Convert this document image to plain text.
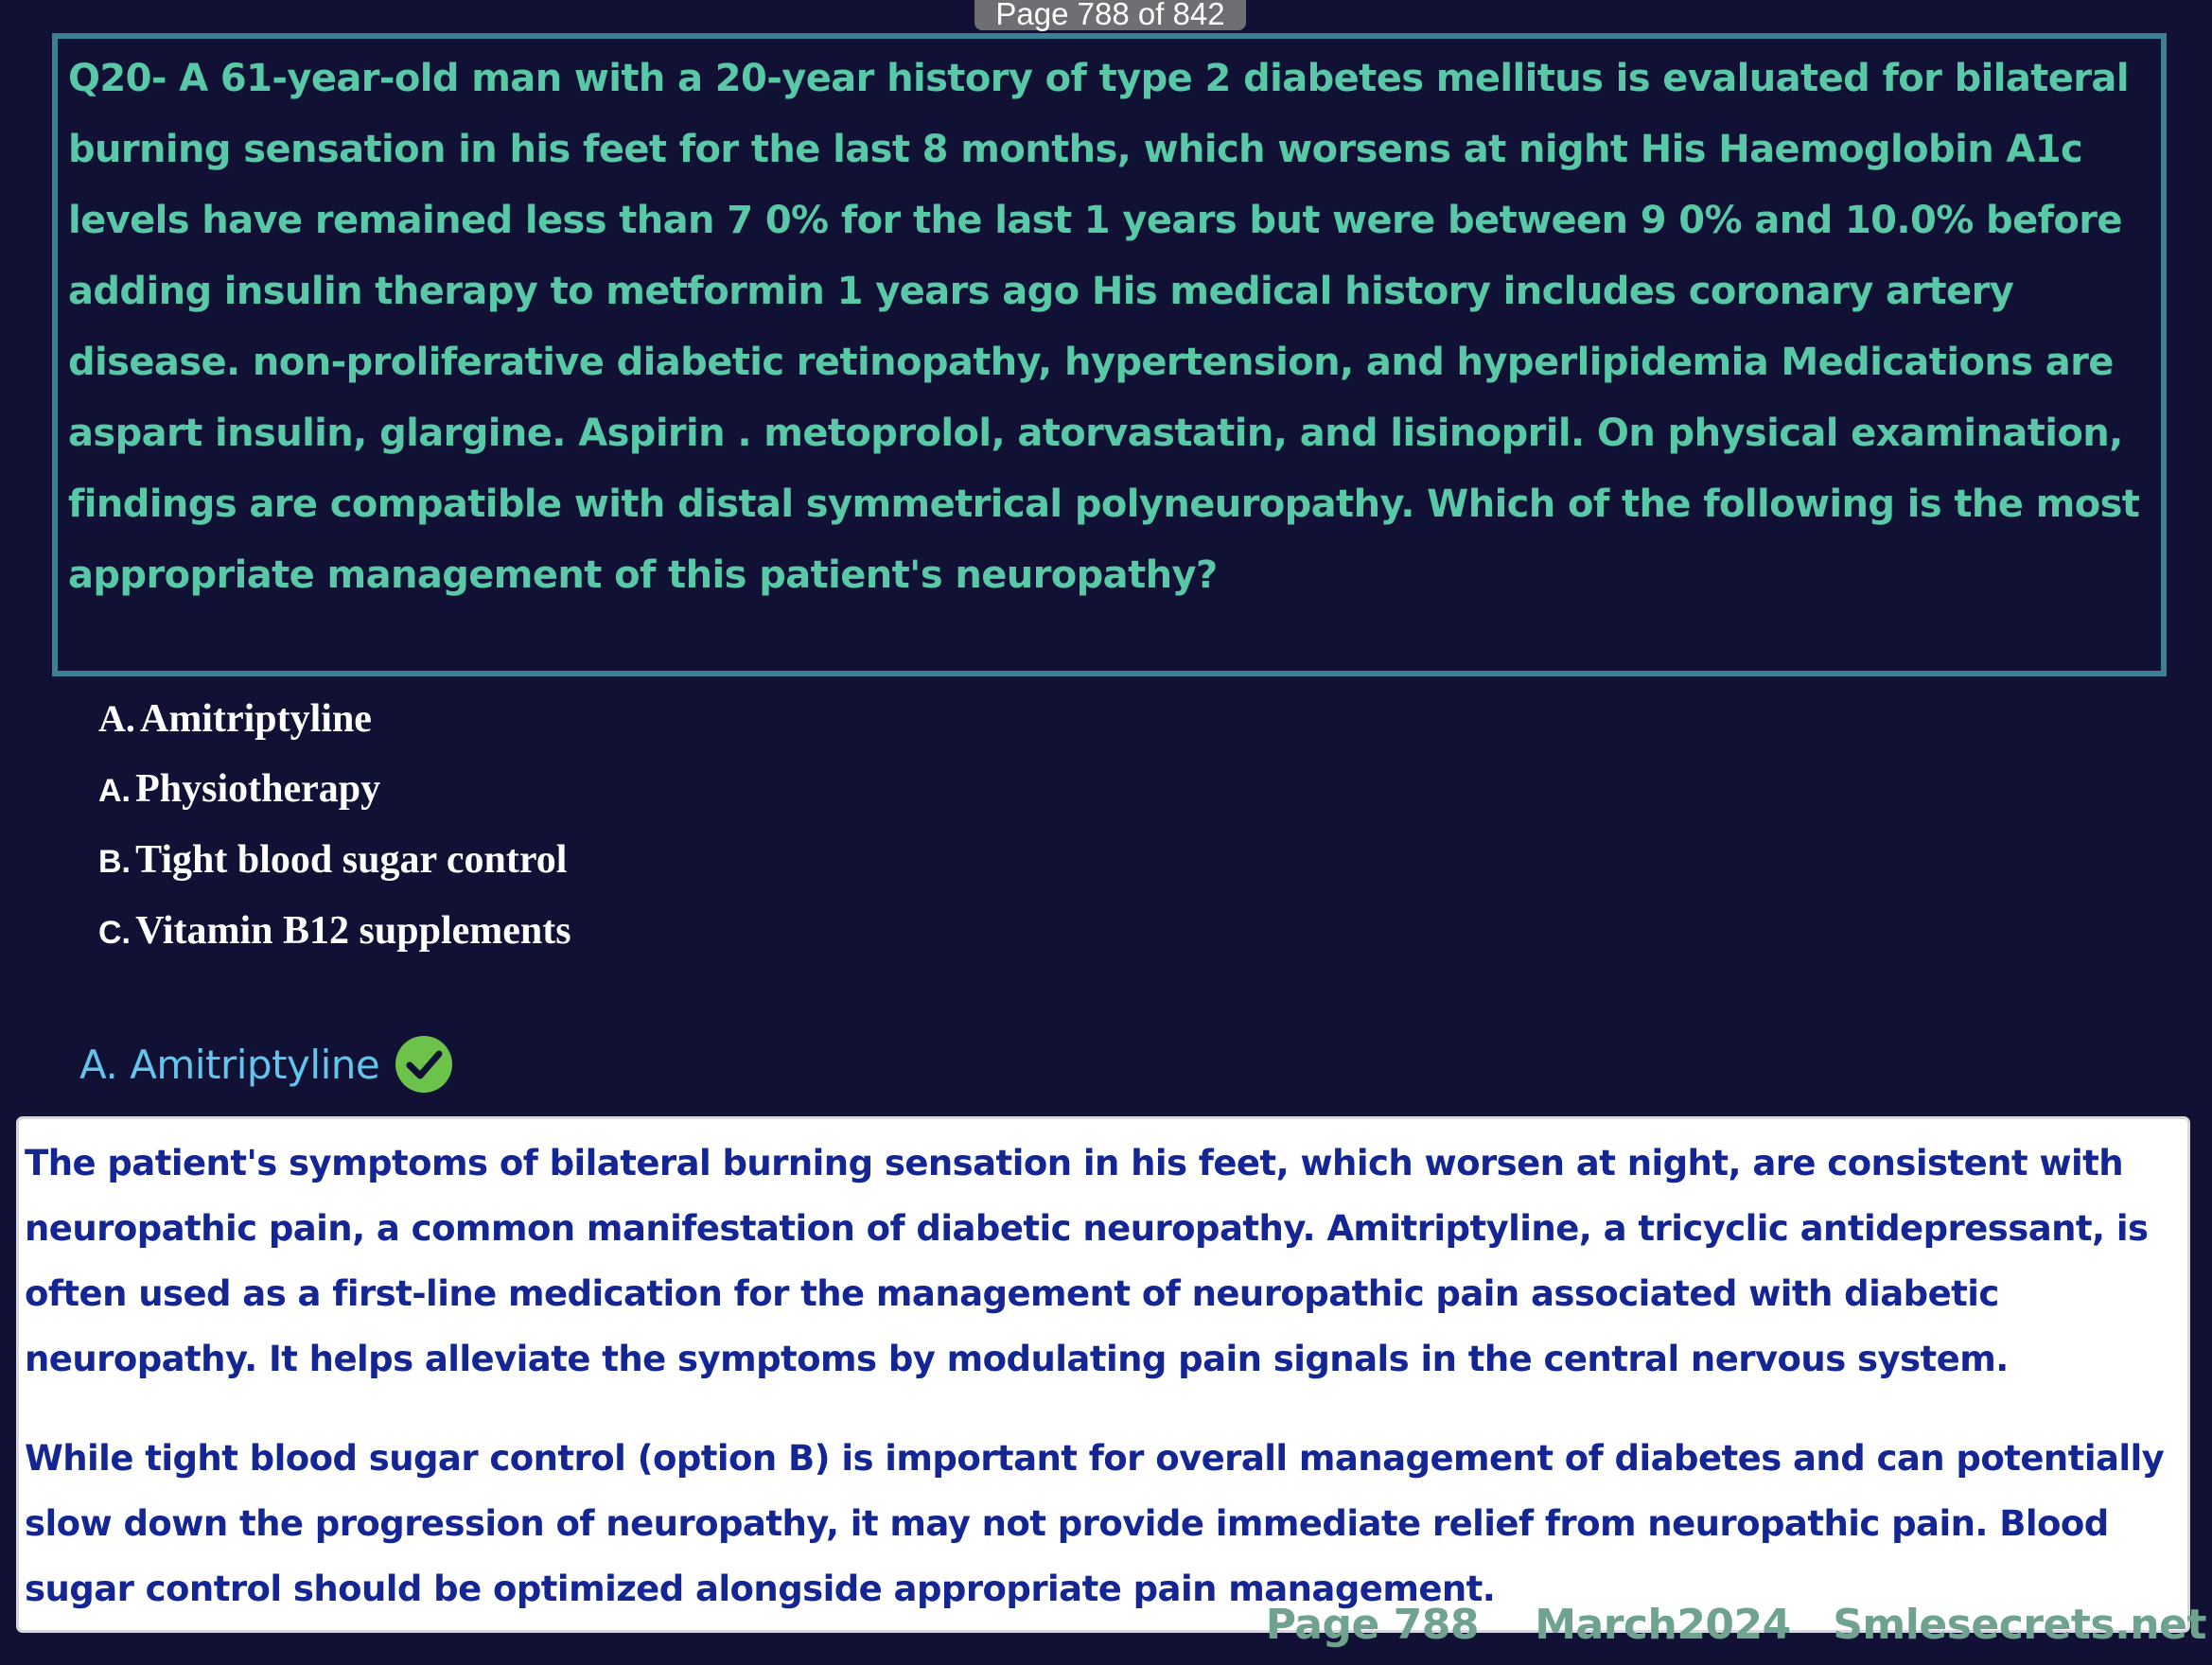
Page 788 of 842

Q20- A 61-year-old man with a 20-year history of type 2 diabetes mellitus is evaluated for bilateral burning sensation in his feet for the last 8 months, which worsens at night His Haemoglobin A1c levels have remained less than 7 0% for the last 1 years but were between 9 0% and 10.0% before adding insulin therapy to metformin 1 years ago His medical history includes coronary artery disease. non-proliferative diabetic retinopathy, hypertension, and hyperlipidemia Medications are aspart insulin, glargine. Aspirin . metoprolol, atorvastatin, and lisinopril. On physical examination, findings are compatible with distal symmetrical polyneuropathy. Which of the following is the most appropriate management of this patient's neuropathy?

A. Amitriptyline
A. Physiotherapy
B. Tight blood sugar control
C. Vitamin B12 supplements
A. Amitriptyline

The patient's symptoms of bilateral burning sensation in his feet, which worsen at night, are consistent with neuropathic pain, a common manifestation of diabetic neuropathy. Amitriptyline, a tricyclic antidepressant, is often used as a first-line medication for the management of neuropathic pain associated with diabetic neuropathy. It helps alleviate the symptoms by modulating pain signals in the central nervous system.

While tight blood sugar control (option B) is important for overall management of diabetes and can potentially slow down the progression of neuropathy, it may not provide immediate relief from neuropathic pain. Blood sugar control should be optimized alongside appropriate pain management.

Page 788    March2024   Smlesecrets.net
